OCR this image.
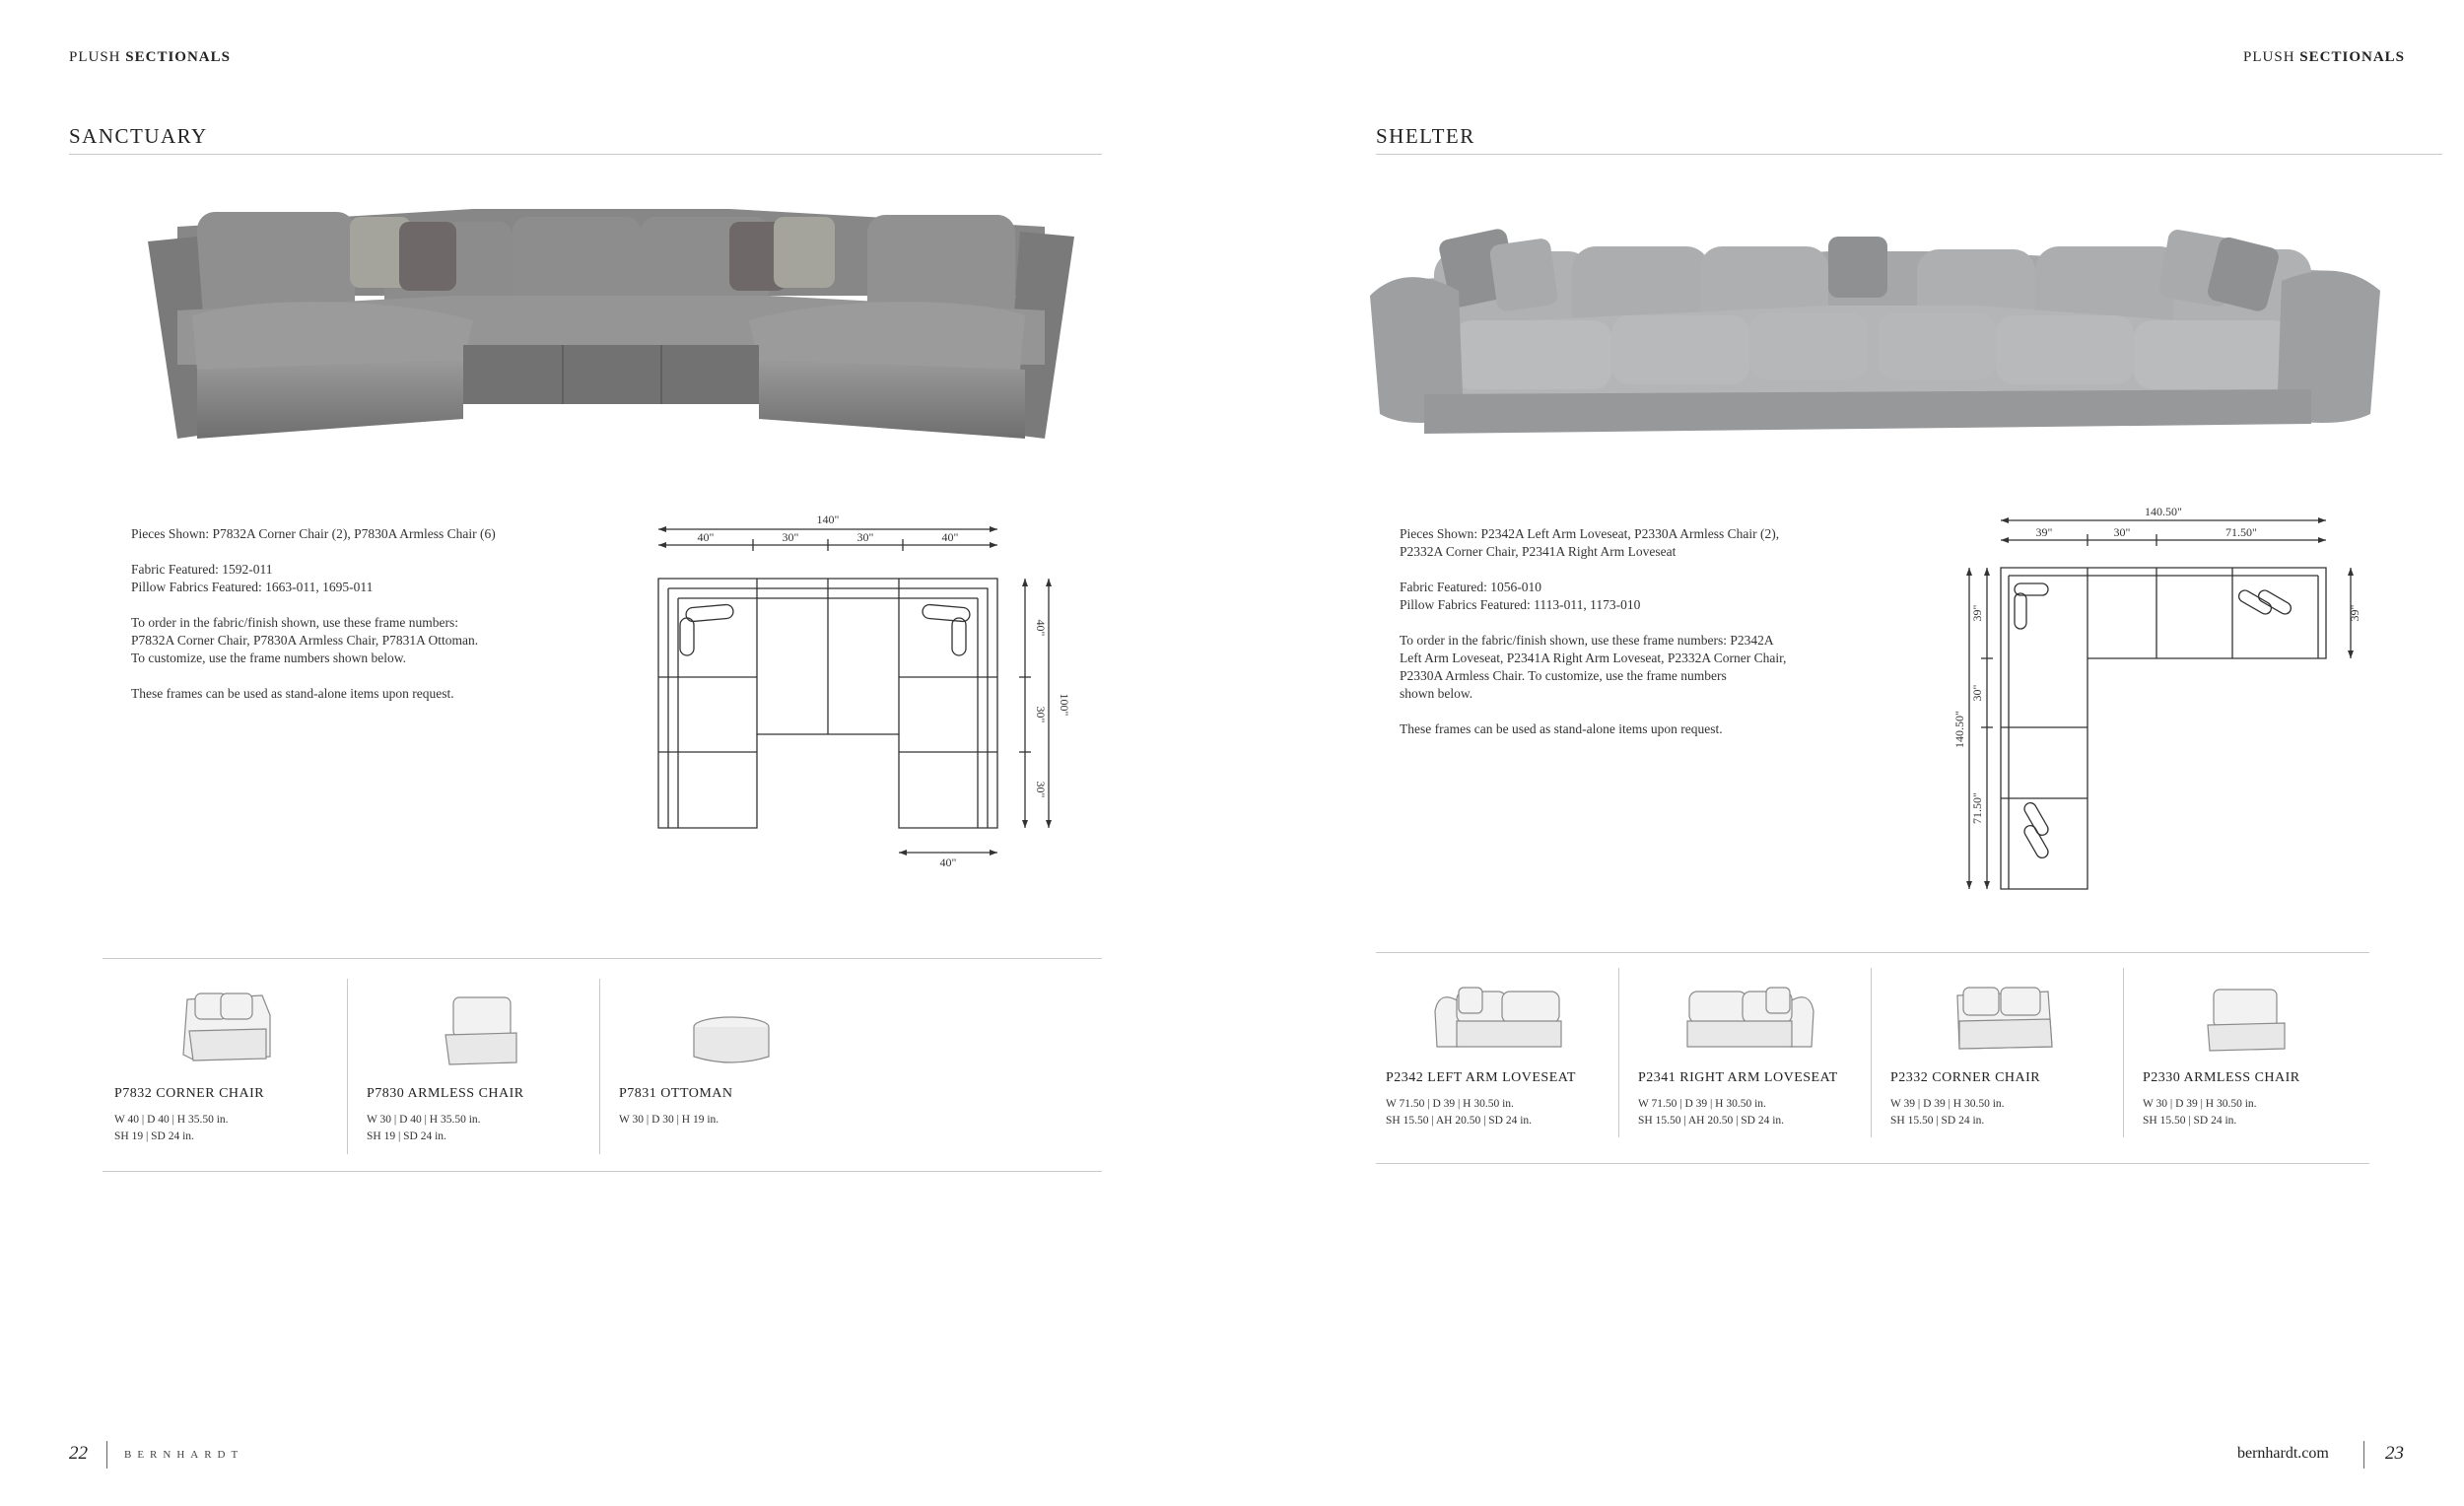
PLUSH SECTIONALS
SANCTUARY

Pieces Shown: P7832A Corner Chair (2), P7830A Armless Chair (6)

Fabric Featured: 1592-011
Pillow Fabrics Featured: 1663-011, 1695-011

To order in the fabric/finish shown, use these frame numbers:
P7832A Corner Chair, P7830A Armless Chair, P7831A Ottoman.
To customize, use the frame numbers shown below.

These frames can be used as stand-alone items upon request.

140"
40"	30"	30"	40"
40"
30"
30"
100"
40"
P7832 CORNER CHAIR
W 40 | D 40 | H 35.50 in.
SH 19 | SD 24 in.
P7830 ARMLESS CHAIR
W 30 | D 40 | H 35.50 in.
SH 19 | SD 24 in.
P7831 OTTOMAN
W 30 | D 30 | H 19 in.
22	BERNHARDT
PLUSH SECTIONALS
SHELTER

Pieces Shown: P2342A Left Arm Loveseat, P2330A Armless Chair (2),
P2332A Corner Chair, P2341A Right Arm Loveseat

Fabric Featured: 1056-010
Pillow Fabrics Featured: 1113-011, 1173-010

To order in the fabric/finish shown, use these frame numbers: P2342A
Left Arm Loveseat, P2341A Right Arm Loveseat, P2332A Corner Chair,
P2330A Armless Chair. To customize, use the frame numbers
shown below.

These frames can be used as stand-alone items upon request.

140.50"
39"	30"	71.50"
39"
39"
30"
71.50"
140.50"
P2342 LEFT ARM LOVESEAT
W 71.50 | D 39 | H 30.50 in.
SH 15.50 | AH 20.50 | SD 24 in.
P2341 RIGHT ARM LOVESEAT
W 71.50 | D 39 | H 30.50 in.
SH 15.50 | AH 20.50 | SD 24 in.
P2332 CORNER CHAIR
W 39 | D 39 | H 30.50 in.
SH 15.50 | SD 24 in.
P2330 ARMLESS CHAIR
W 30 | D 39 | H 30.50 in.
SH 15.50 | SD 24 in.
bernhardt.com	23
